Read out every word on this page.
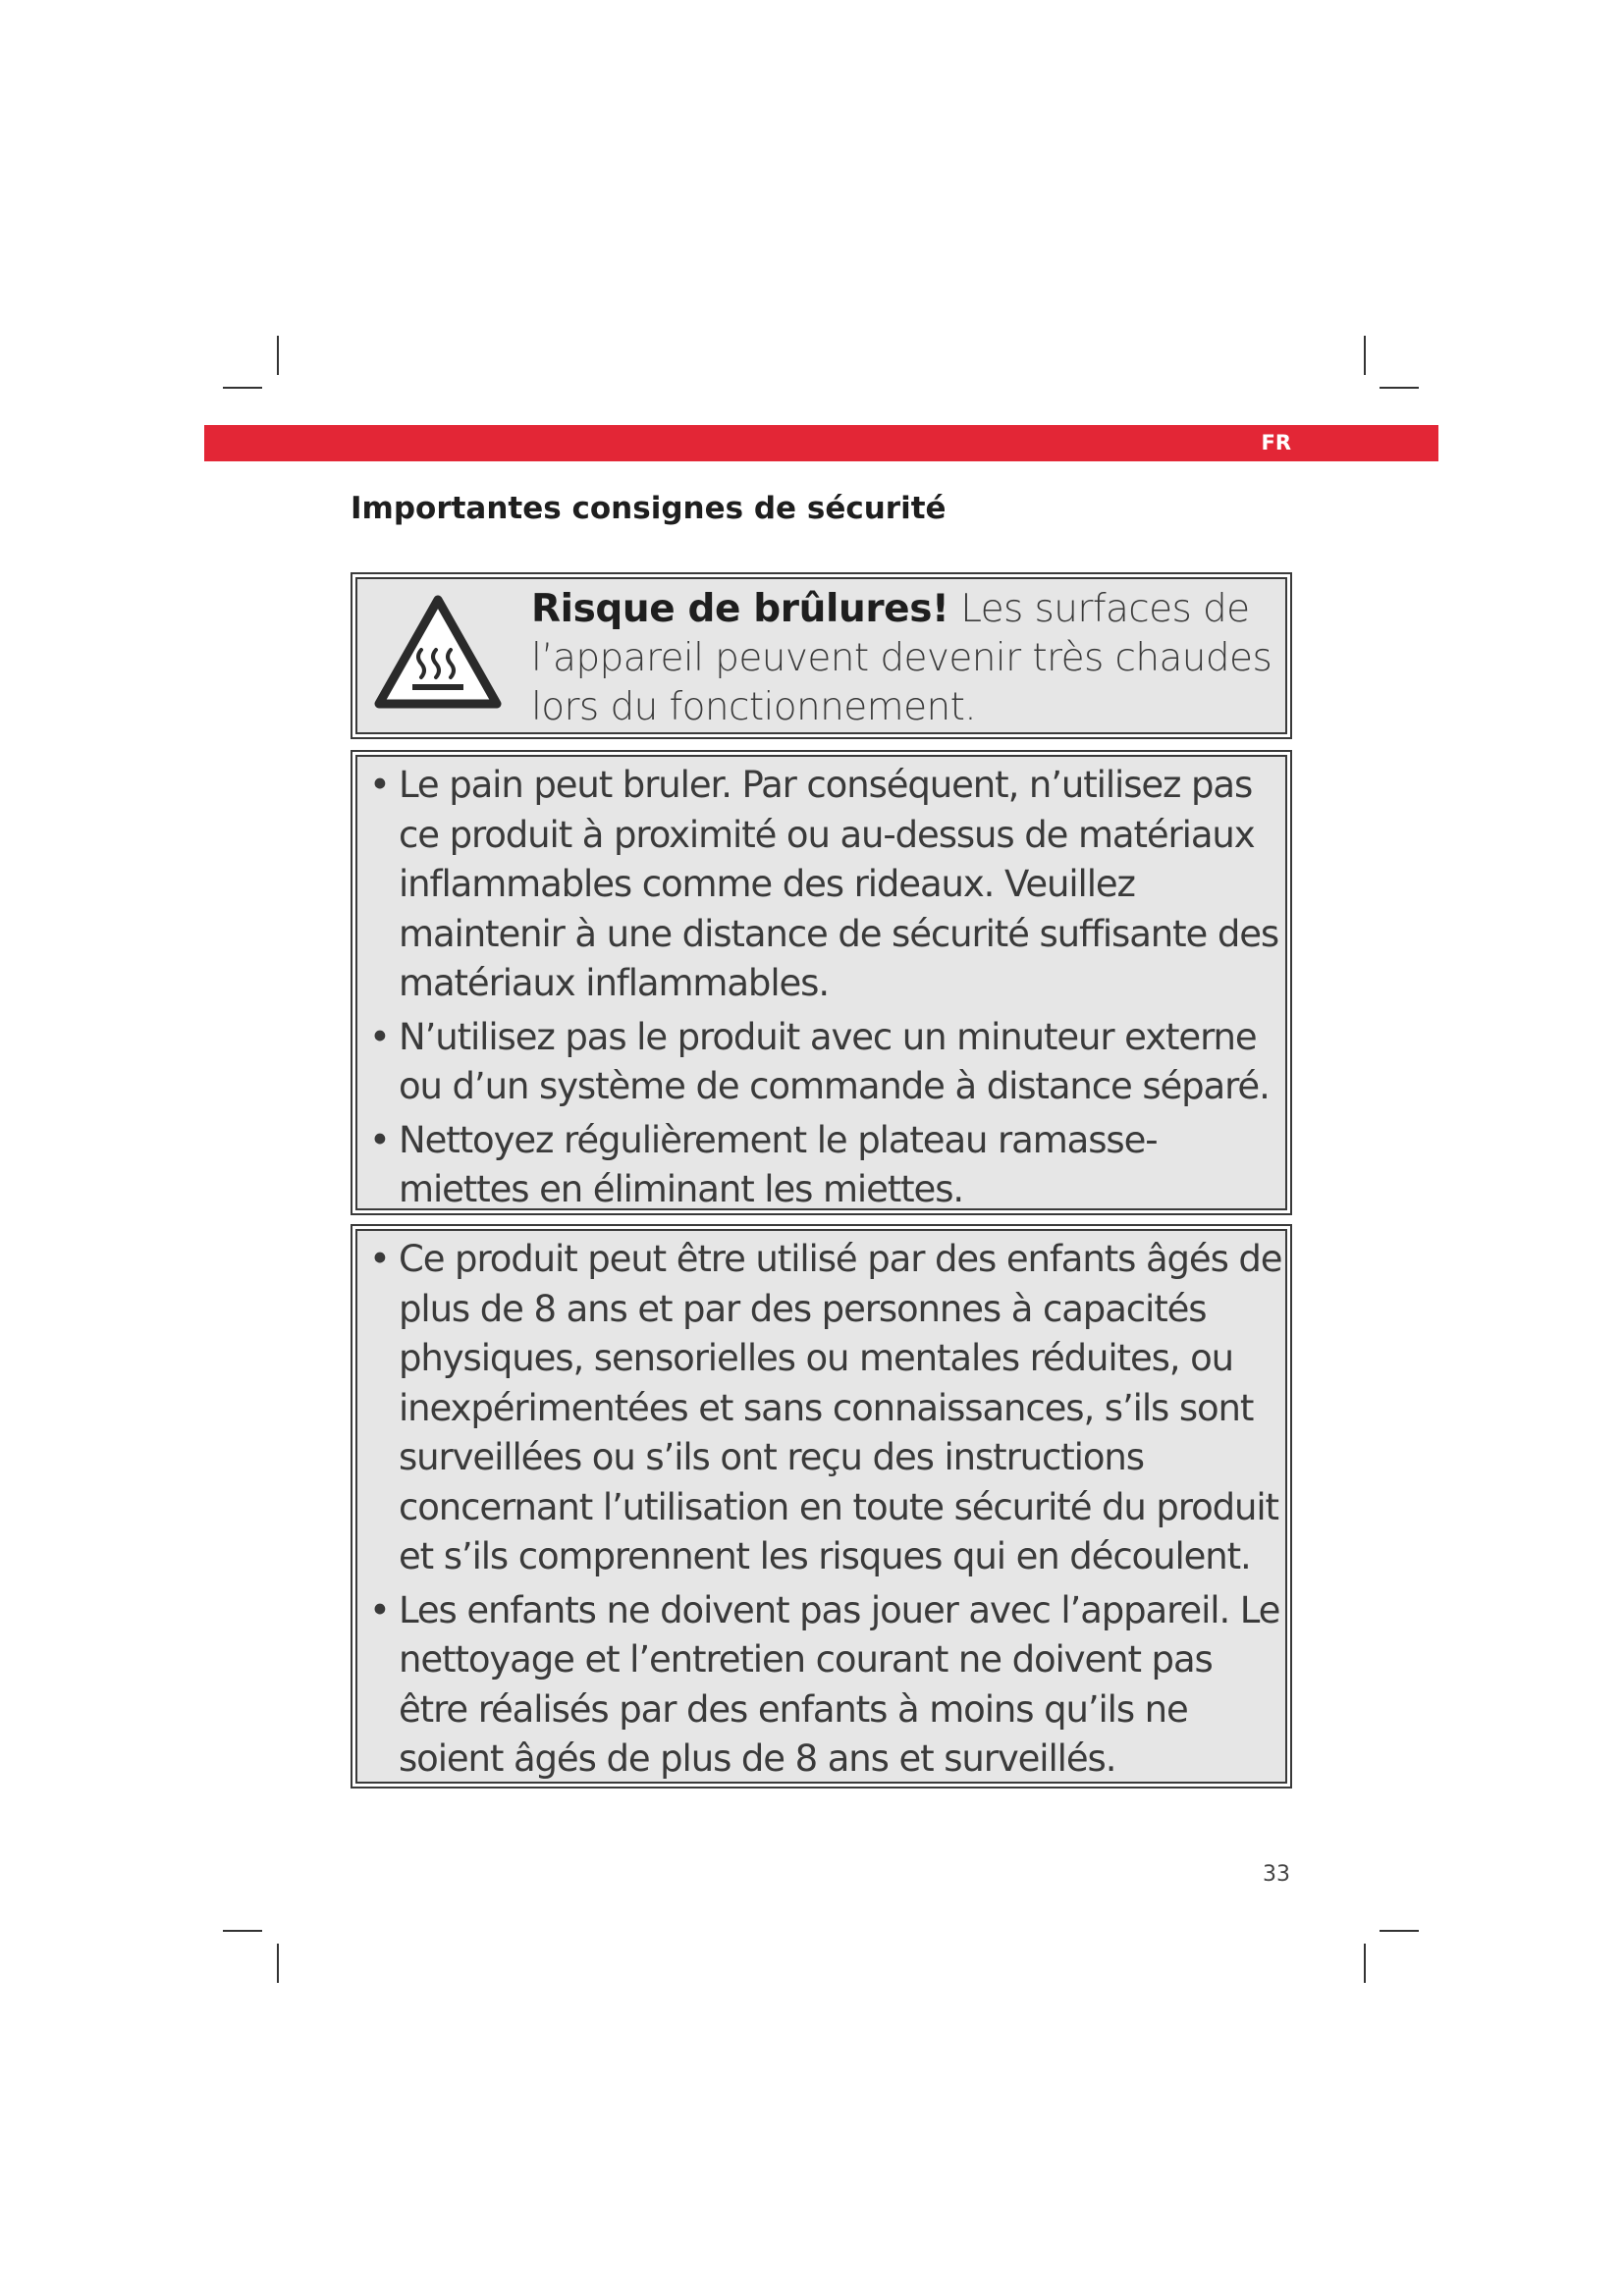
FR
Importantes consignes de sécurité
Risque de brûlures! Les surfaces de l’appareil peuvent devenir très chaudes lors du fonctionnement.
• Le pain peut bruler. Par conséquent, n’utilisez pas ce produit à proximité ou au-dessus de matériaux inflammables comme des rideaux. Veuillez maintenir à une distance de sécurité suffisante des matériaux inflammables.
• N’utilisez pas le produit avec un minuteur externe ou d’un système de commande à distance séparé.
• Nettoyez régulièrement le plateau ramasse-miettes en éliminant les miettes.
• Ce produit peut être utilisé par des enfants âgés de plus de 8 ans et par des personnes à capacités physiques, sensorielles ou mentales réduites, ou inexpérimentées et sans connaissances, s’ils sont surveillées ou s’ils ont reçu des instructions concernant l’utilisation en toute sécurité du produit et s’ils comprennent les risques qui en découlent.
• Les enfants ne doivent pas jouer avec l’appareil. Le nettoyage et l’entretien courant ne doivent pas être réalisés par des enfants à moins qu’ils ne soient âgés de plus de 8 ans et surveillés.
33
